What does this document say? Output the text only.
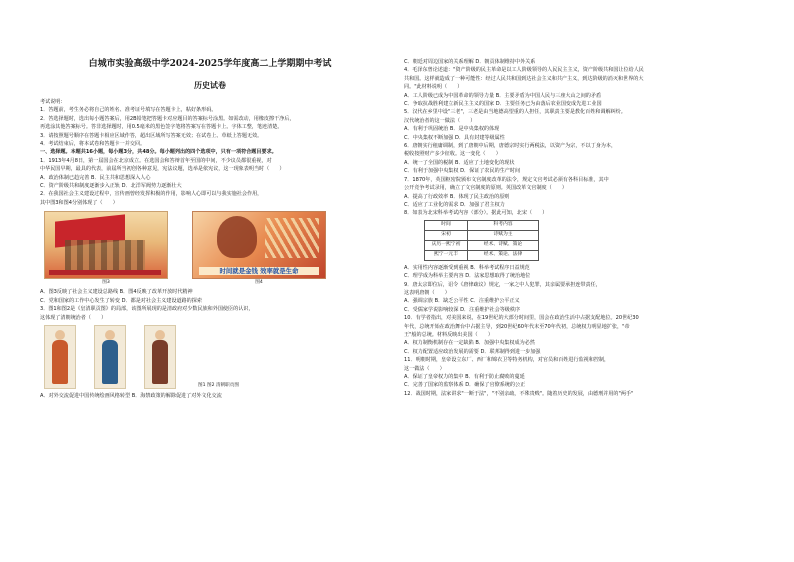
白城市实验高级中学2024-2025学年度高二上学期期中考试
历史试卷
考试说明：
1．答题前，考生务必将自己的姓名、准考证号填写在答题卡上，粘好条形码。
2．答选择题时，选出每小题答案后，用2B铅笔把答题卡对应题目的答案标号涂黑。如需改动，用橡皮擦干净后，
再选涂其他答案标号。答非选择题时，用0.5毫米的黑色签字笔将答案写在答题卡上。字体工整，笔迹清楚。
3．请按照题号顺序在答题卡相应区域作答，超出区域所写答案无效；在试卷上、草纸上答题无效。
4．考试结束后，将本试卷和答题卡一并交回。
一、选择题。本题共16小题，每小题3分，共48分。每小题列出的四个选项中，只有一项符合题目要求。
1．1913年4月8日，第一届国会在北京成立。在选国会和答辩首年至国的中间，不少议员都很重视，对
中华民国早期，最具的代表，前届所当初创各种意见，宪法议题，选举是依宪议，这一现象表明当时（　　）
A．政治体制已趋完善 B．民主共和思想深入人心
C．资产阶级共和制度逐渐步入正轨 D．北洋军阀势力逐渐壮大
2．在我国社会主义建设过程中，宣传画曾经发挥积极的作用，影响人心即可以与我实施社会作用，
其中图3和图4分别体现了（　　）
图3
时间就是金钱 效率就是生命
图4
A．图3反映了社会主义建设总路线 B．图4反映了改革开放时代精神
C．党和国家的工作中心发生了转变 D．都是对社会主义建设道路的探索
3．图1和图2是《皇清职贡图》的局部，该图所展现的是清政府对少数民族和外国使臣的认识，
这体现了清朝统治者（　　）
图1 图2 清朝职贡图
A．对外交流促进中国传统绘画风格转型 B．海禁政策的解除促进了对外文化交流
C．朝廷对周边国家的关系理解 D．朝贡体制维持中外关系
4．毛泽东曾论述道："资产阶级的民主革命是以工人阶级领导的人民民主主义，资产阶级共和国让位给人民
共和国。这样就造成了一种可能性：经过人民共和国到达社会主义和共产主义，到达阶级的消灭和世界的大
同。"此材料说明（　　）
A．工人阶级已成为中国革命的领导力量 B．主要矛盾为中国人民与三座大山之间的矛盾
C．争取抗战胜利建立新民主主义的国家 D．主要任务已为由落后农业国变成先进工业国
5．汉代在乡里中设"三老"，三老是由当地德高望重的人担任，其职责主要是教化百姓和调解纠纷。
汉代统治者的这一做法（　　）
A．有利于巩固统治 B．是中央集权的体现
C．中央集权不断加强 D．具有封建等级属性
6．唐朝实行租庸调制，到了唐朝中后期，唐德宗时实行两税法，以资产为宗，不以丁身为本，
税收按照财产多少征收。这一变化（　　）
A．统一了全国的税制 B．适应了土地变化的现状
C．有利于加强中央集权 D．保证了农民的生产时间
7．1870年，英国枢密院颁布文官制度改革的法令，规定文官考试必须有各科目标准，其中
公开竞争考试录用，确立了文官制度的原则。英国改革文官制度（　　）
A．提高了行政效率 B．体现了民主政治的原则
C．适应了工业化的需求 D．加强了君主权力
8．如表为北宋科举考试内容（部分）。据此可知，北宋（　　）
时间	科考内容
宋初	诗赋为主
庆历一熙宁初	经术、诗赋、策论
熙宁一元丰	经术、策论、法律
A．实用性内容逐渐受到重视 B．科举考试程序日益规范
C．理学成为科举主要内容 D．法家思想取得了统治地位
9．唐太宗即位后，诏令《唐律疏议》规定，一家之中人犯罪，其亲属要承担连带责任，
这表明唐朝（　　）
A．强调宗族 B．缺乏公平性 C．注重维护公平正义
C．受儒家学说影响较深 D．注重维护社会等级秩序
10．有学者指出，对美国来说，在19世纪的大部分时间里，国会在政治生活中占据支配地位。20世纪30
年代，总统开始在政治舞台中占据主导，到20世纪60年代末至70年代初，总统权力明显地扩张，"帝
王"般的总统。材料反映出美国（　　）
A．权力制衡机制存在一定缺陷 B．加强中央集权成为必然
C．权力配置适应政治发展的需要 D．联邦制得到进一步加强
11．明朝时期，皇帝设立东厂、西厂和锦衣卫等特务机构，对官员和百姓进行监视和控制，
这一做法（　　）
A．保证了皇帝权力的集中 B．有利于防止腐败的蔓延
C．完善了国家的监察体系 D．确保了官僚系统的公正
12．战国时期，法家讲求"一断于法"，"不别亲疏，不殊贵贱"。随着历史的发展，由德刑并用的"两手"
